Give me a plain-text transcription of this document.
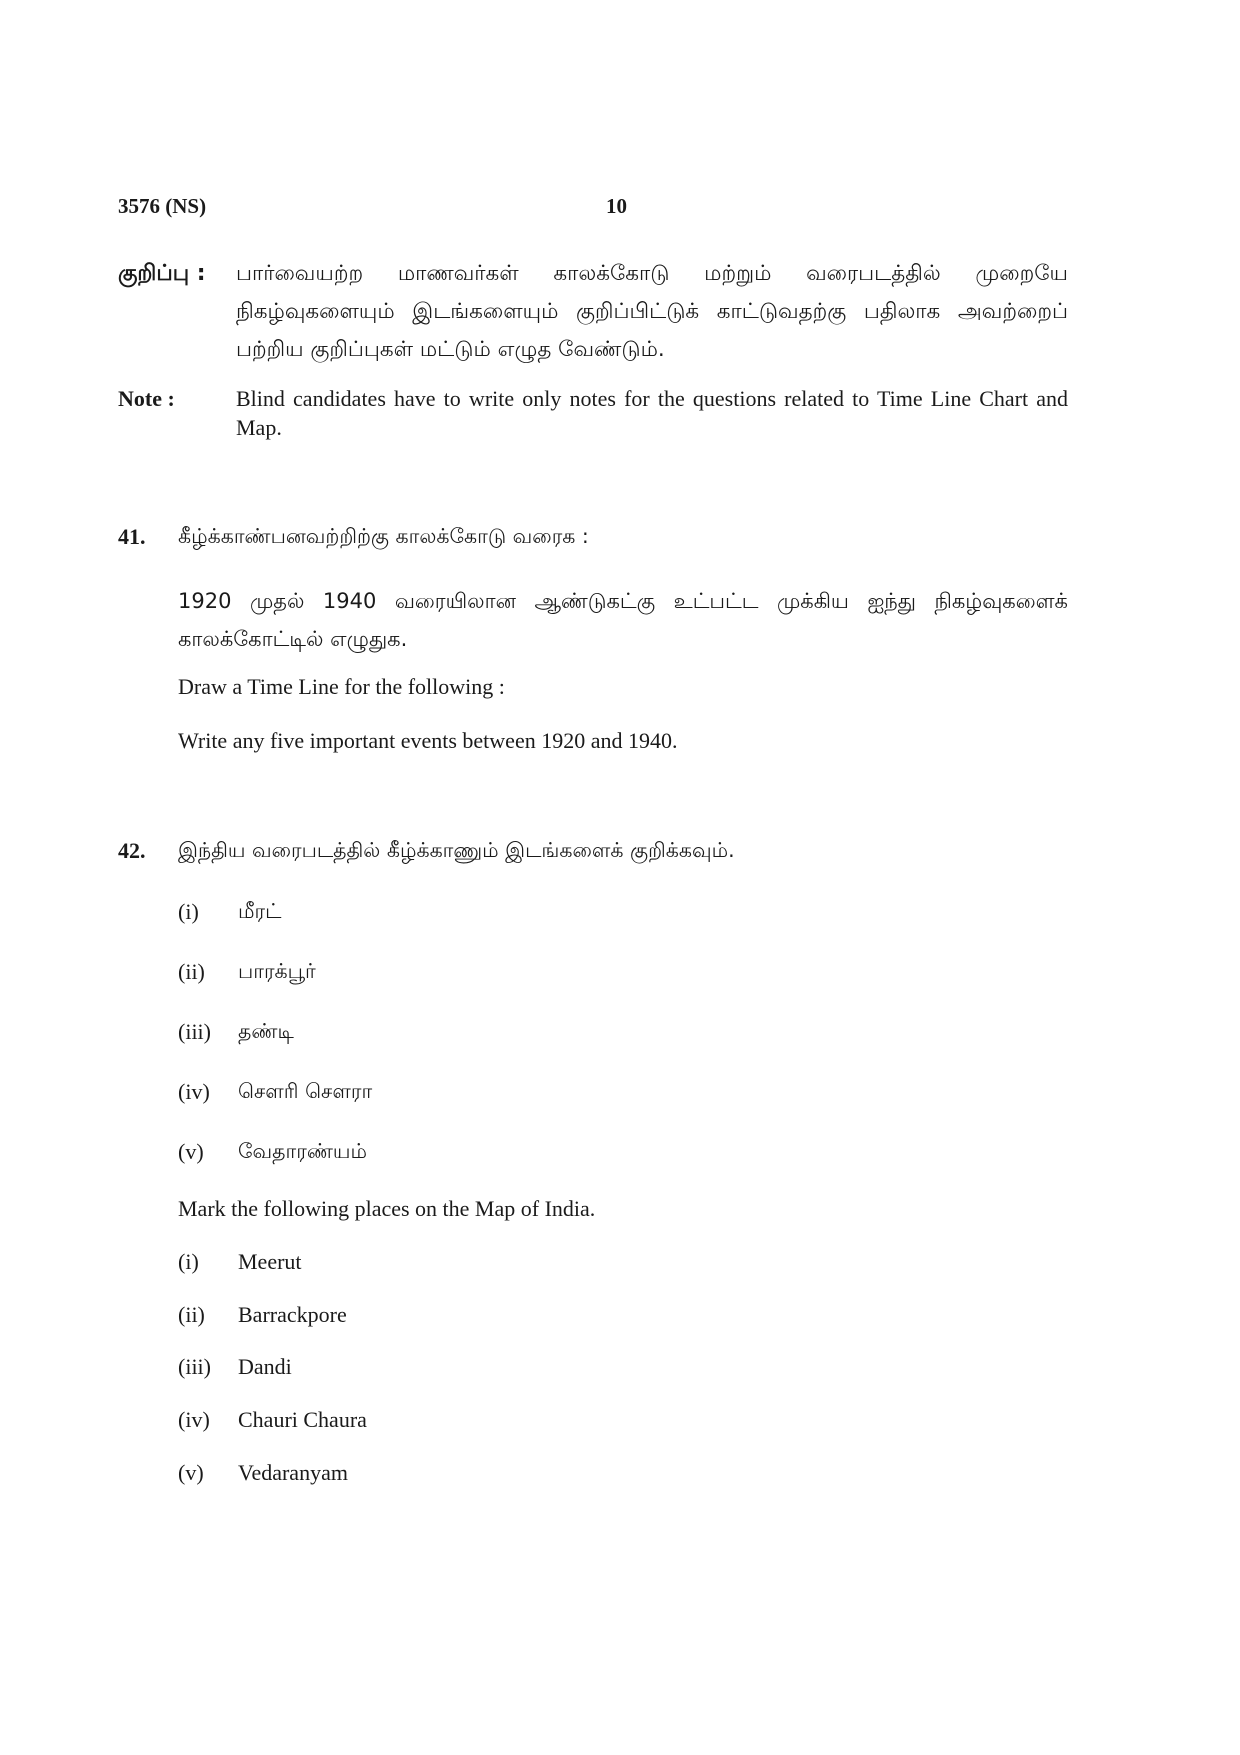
3576 (NS)	10
குறிப்பு :	பார்வையற்ற மாணவர்கள் காலக்கோடு மற்றும் வரைபடத்தில் முறையே நிகழ்வுகளையும் இடங்களையும் குறிப்பிட்டுக் காட்டுவதற்கு பதிலாக அவற்றைப் பற்றிய குறிப்புகள் மட்டும் எழுத வேண்டும்.
Note :	Blind candidates have to write only notes for the questions related to Time Line Chart and Map.
41. கீழ்க்காண்பனவற்றிற்கு காலக்கோடு வரைக :
1920 முதல் 1940 வரையிலான ஆண்டுகட்கு உட்பட்ட முக்கிய ஐந்து நிகழ்வுகளைக் காலக்கோட்டில் எழுதுக.
Draw a Time Line for the following :
Write any five important events between 1920 and 1940.
42. இந்திய வரைபடத்தில் கீழ்க்காணும் இடங்களைக் குறிக்கவும்.
(i) மீரட்
(ii) பாரக்பூர்
(iii) தண்டி
(iv) சௌரி சௌரா
(v) வேதாரண்யம்
Mark the following places on the Map of India.
(i) Meerut
(ii) Barrackpore
(iii) Dandi
(iv) Chauri Chaura
(v) Vedaranyam
